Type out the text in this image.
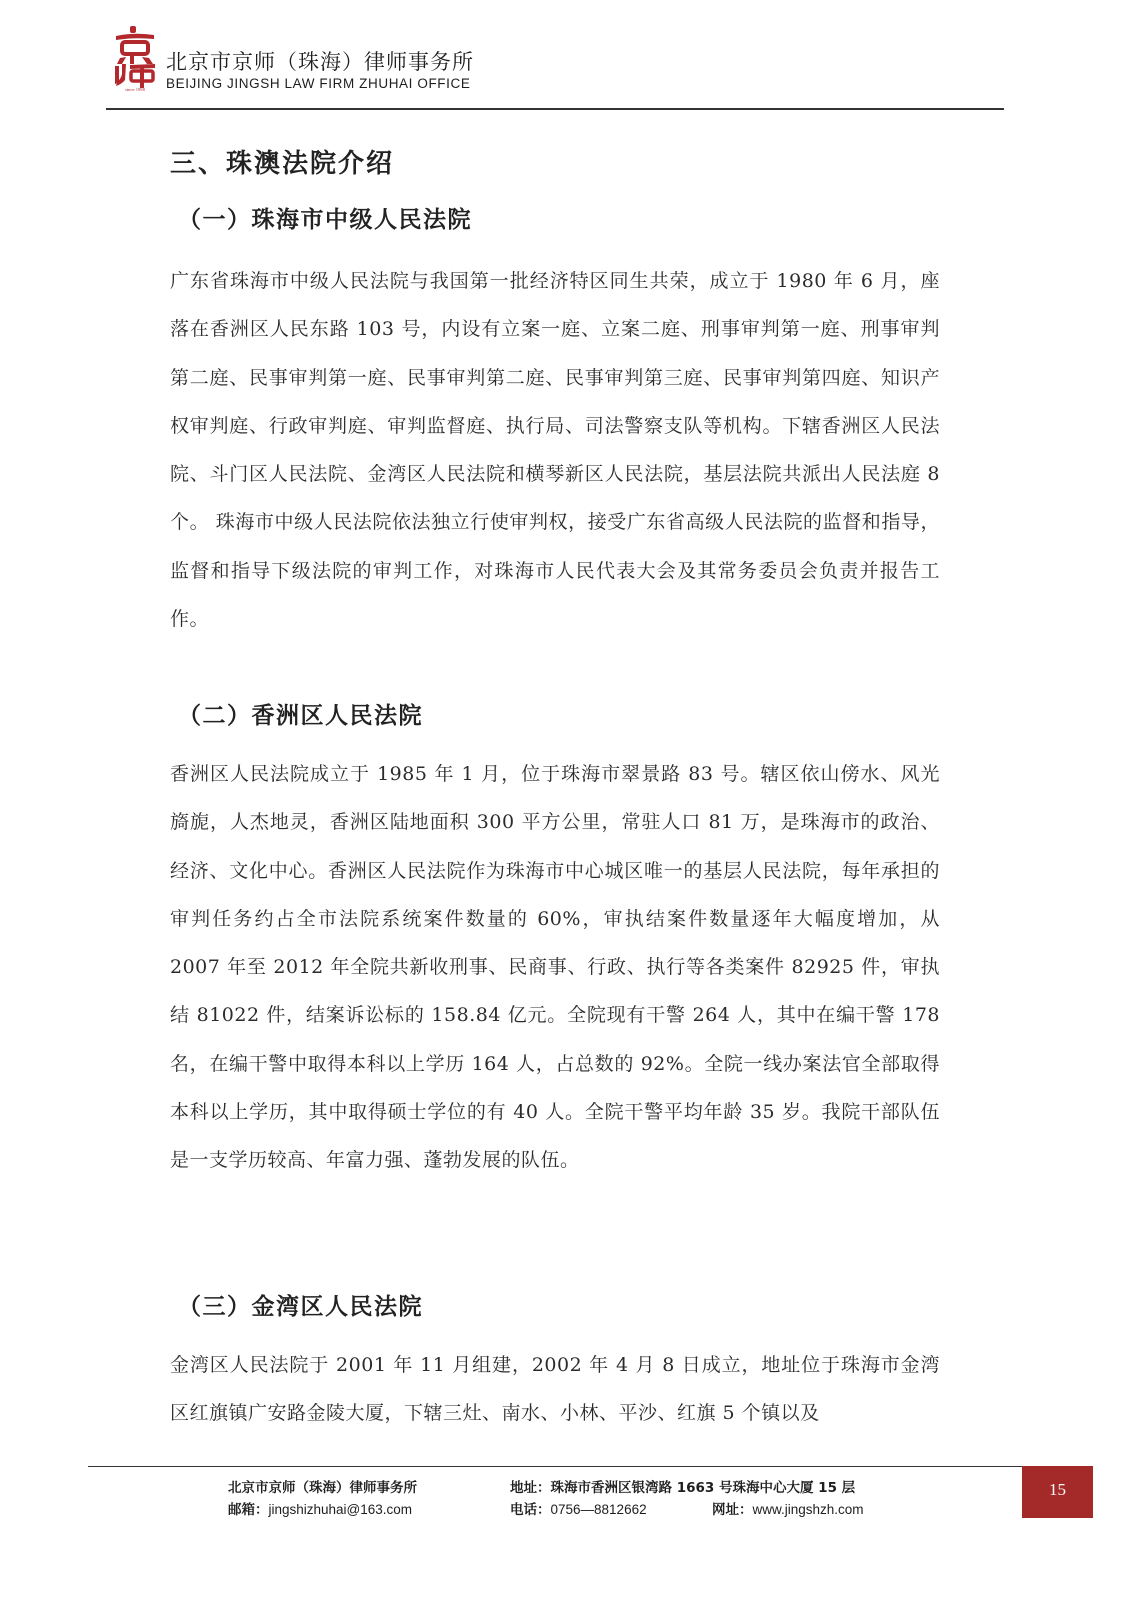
since 1998
北京市京师（珠海）律师事务所
BEIJING JINGSH LAW FIRM ZHUHAI OFFICE
三、珠澳法院介绍
（一）珠海市中级人民法院

广东省珠海市中级人民法院与我国第一批经济特区同生共荣，成立于 1980 年 6 月，座落在香洲区人民东路 103 号，内设有立案一庭、立案二庭、刑事审判第一庭、刑事审判第二庭、民事审判第一庭、民事审判第二庭、民事审判第三庭、民事审判第四庭、知识产权审判庭、行政审判庭、审判监督庭、执行局、司法警察支队等机构。下辖香洲区人民法院、斗门区人民法院、金湾区人民法院和横琴新区人民法院，基层法院共派出人民法庭 8 个。 珠海市中级人民法院依法独立行使审判权，接受广东省高级人民法院的监督和指导，监督和指导下级法院的审判工作，对珠海市人民代表大会及其常务委员会负责并报告工作。

（二）香洲区人民法院

香洲区人民法院成立于 1985 年 1 月，位于珠海市翠景路 83 号。辖区依山傍水、风光旖旎，人杰地灵，香洲区陆地面积 300 平方公里，常驻人口 81 万，是珠海市的政治、经济、文化中心。香洲区人民法院作为珠海市中心城区唯一的基层人民法院，每年承担的审判任务约占全市法院系统案件数量的 60%，审执结案件数量逐年大幅度增加，从 2007 年至 2012 年全院共新收刑事、民商事、行政、执行等各类案件 82925 件，审执结 81022 件，结案诉讼标的 158.84 亿元。全院现有干警 264 人，其中在编干警 178 名，在编干警中取得本科以上学历 164 人，占总数的 92%。全院一线办案法官全部取得本科以上学历，其中取得硕士学位的有 40 人。全院干警平均年龄 35 岁。我院干部队伍是一支学历较高、年富力强、蓬勃发展的队伍。

（三）金湾区人民法院

金湾区人民法院于 2001 年 11 月组建，2002 年 4 月 8 日成立，地址位于珠海市金湾区红旗镇广安路金陵大厦，下辖三灶、南水、小林、平沙、红旗 5 个镇以及

北京市京师（珠海）律师事务所	地址：珠海市香洲区银湾路 1663 号珠海中心大厦 15 层
邮箱：jingshizhuhai@163.com	电话：0756—8812662	网址：www.jingshzh.com
15
